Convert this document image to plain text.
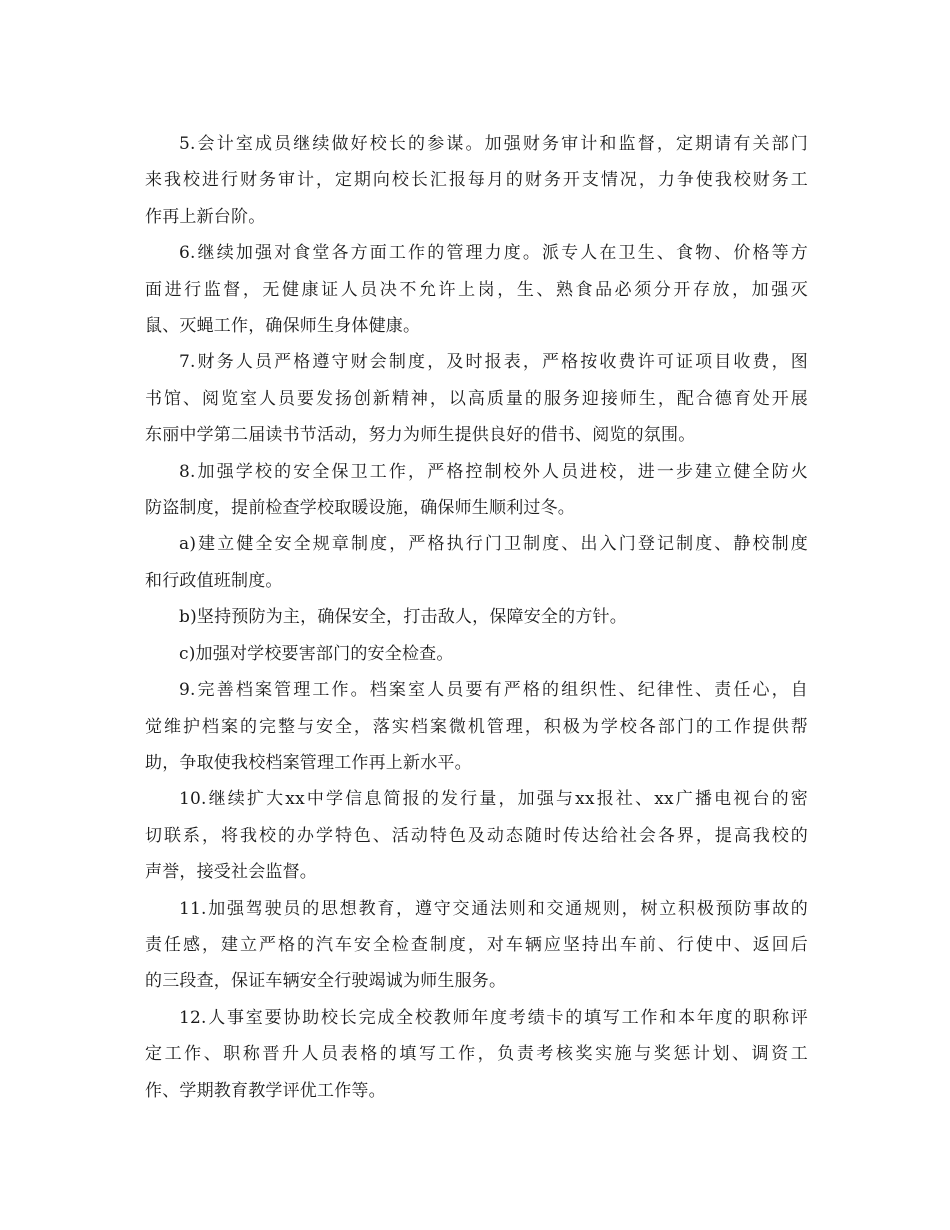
5.会计室成员继续做好校长的参谋。加强财务审计和监督，定期请有关部门
来我校进行财务审计，定期向校长汇报每月的财务开支情况，力争使我校财务工
作再上新台阶。
6.继续加强对食堂各方面工作的管理力度。派专人在卫生、食物、价格等方
面进行监督，无健康证人员决不允许上岗，生、熟食品必须分开存放，加强灭
鼠、灭蝇工作，确保师生身体健康。
7.财务人员严格遵守财会制度，及时报表，严格按收费许可证项目收费，图
书馆、阅览室人员要发扬创新精神，以高质量的服务迎接师生，配合德育处开展
东丽中学第二届读书节活动，努力为师生提供良好的借书、阅览的氛围。
8.加强学校的安全保卫工作，严格控制校外人员进校，进一步建立健全防火
防盗制度，提前检查学校取暖设施，确保师生顺利过冬。
a)建立健全安全规章制度，严格执行门卫制度、出入门登记制度、静校制度
和行政值班制度。
b)坚持预防为主，确保安全，打击敌人，保障安全的方针。
c)加强对学校要害部门的安全检查。
9.完善档案管理工作。档案室人员要有严格的组织性、纪律性、责任心，自
觉维护档案的完整与安全，落实档案微机管理，积极为学校各部门的工作提供帮
助，争取使我校档案管理工作再上新水平。
10.继续扩大xx中学信息简报的发行量，加强与xx报社、xx广播电视台的密
切联系，将我校的办学特色、活动特色及动态随时传达给社会各界，提高我校的
声誉，接受社会监督。
11.加强驾驶员的思想教育，遵守交通法则和交通规则，树立积极预防事故的
责任感，建立严格的汽车安全检查制度，对车辆应坚持出车前、行使中、返回后
的三段查，保证车辆安全行驶竭诚为师生服务。
12.人事室要协助校长完成全校教师年度考绩卡的填写工作和本年度的职称评
定工作、职称晋升人员表格的填写工作，负责考核奖实施与奖惩计划、调资工
作、学期教育教学评优工作等。
